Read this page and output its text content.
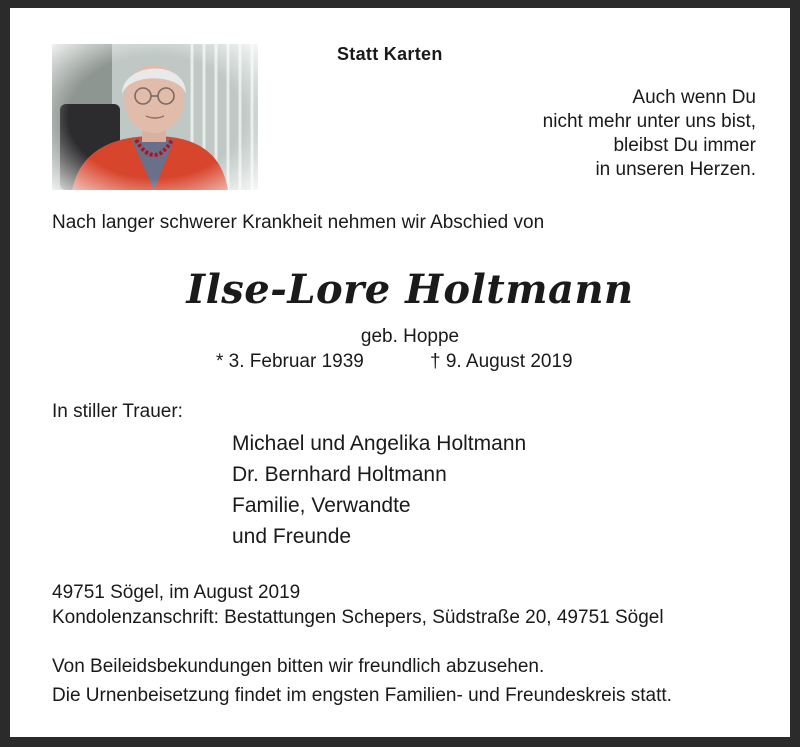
Statt Karten

Auch wenn Du
nicht mehr unter uns bist,
bleibst Du immer
in unseren Herzen.

Nach langer schwerer Krankheit nehmen wir Abschied von

Ilse-Lore Holtmann

geb. Hoppe

* 3. Februar 1939	† 9. August 2019

In stiller Trauer:

Michael und Angelika Holtmann
Dr. Bernhard Holtmann
Familie, Verwandte
und Freunde

49751 Sögel, im August 2019

Kondolenzanschrift: Bestattungen Schepers, Südstraße 20, 49751 Sögel

Von Beileidsbekundungen bitten wir freundlich abzusehen.

Die Urnenbeisetzung findet im engsten Familien- und Freundeskreis statt.
